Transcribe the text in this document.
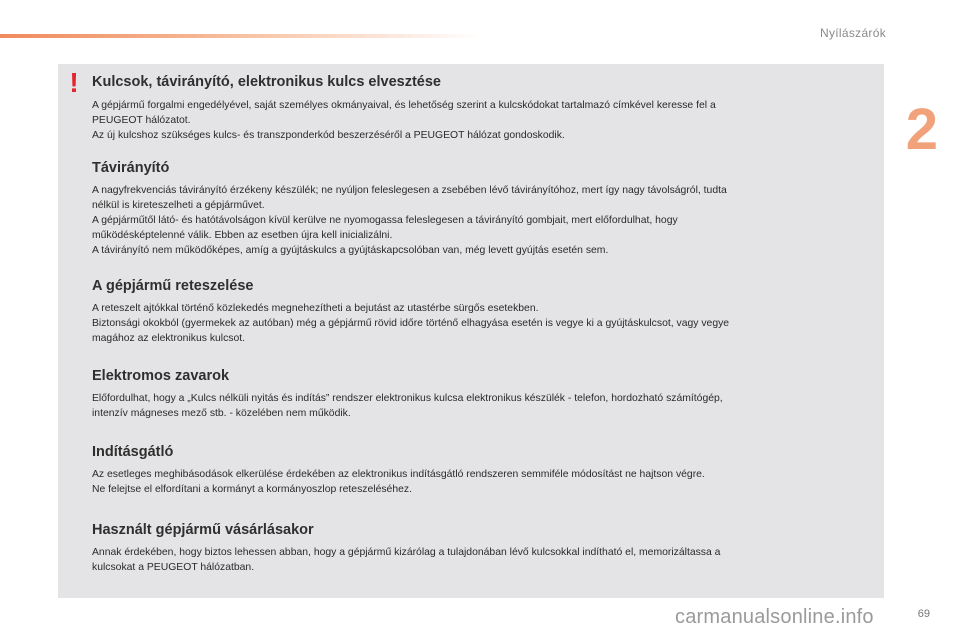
Nyílászárók
2
! Kulcsok, távirányító, elektronikus kulcs elvesztése

A gépjármű forgalmi engedélyével, saját személyes okmányaival, és lehetőség szerint a kulcskódokat tartalmazó címkével keresse fel a

PEUGEOT hálózatot.

Az új kulcshoz szükséges kulcs- és transzponderkód beszerzéséről a PEUGEOT hálózat gondoskodik.

Távirányító

A nagyfrekvenciás távirányító érzékeny készülék; ne nyúljon feleslegesen a zsebében lévő távirányítóhoz, mert így nagy távolságról, tudta

nélkül is kireteszelheti a gépjárművet.

A gépjárműtől látó- és hatótávolságon kívül kerülve ne nyomogassa feleslegesen a távirányító gombjait, mert előfordulhat, hogy

működésképtelenné válik. Ebben az esetben újra kell inicializálni.

A távirányító nem működőképes, amíg a gyújtáskulcs a gyújtáskapcsolóban van, még levett gyújtás esetén sem.

A gépjármű reteszelése

A reteszelt ajtókkal történő közlekedés megnehezítheti a bejutást az utastérbe sürgős esetekben.

Biztonsági okokból (gyermekek az autóban) még a gépjármű rövid időre történő elhagyása esetén is vegye ki a gyújtáskulcsot, vagy vegye

magához az elektronikus kulcsot.

Elektromos zavarok

Előfordulhat, hogy a „Kulcs nélküli nyitás és indítás” rendszer elektronikus kulcsa elektronikus készülék - telefon, hordozható számítógép,

intenzív mágneses mező stb. - közelében nem működik.

Indításgátló

Az esetleges meghibásodások elkerülése érdekében az elektronikus indításgátló rendszeren semmiféle módosítást ne hajtson végre.

Ne felejtse el elfordítani a kormányt a kormányoszlop reteszeléséhez.

Használt gépjármű vásárlásakor

Annak érdekében, hogy biztos lehessen abban, hogy a gépjármű kizárólag a tulajdonában lévő kulcsokkal indítható el, memorizáltassa a

kulcsokat a PEUGEOT hálózatban.

carmanualsonline.info	69
